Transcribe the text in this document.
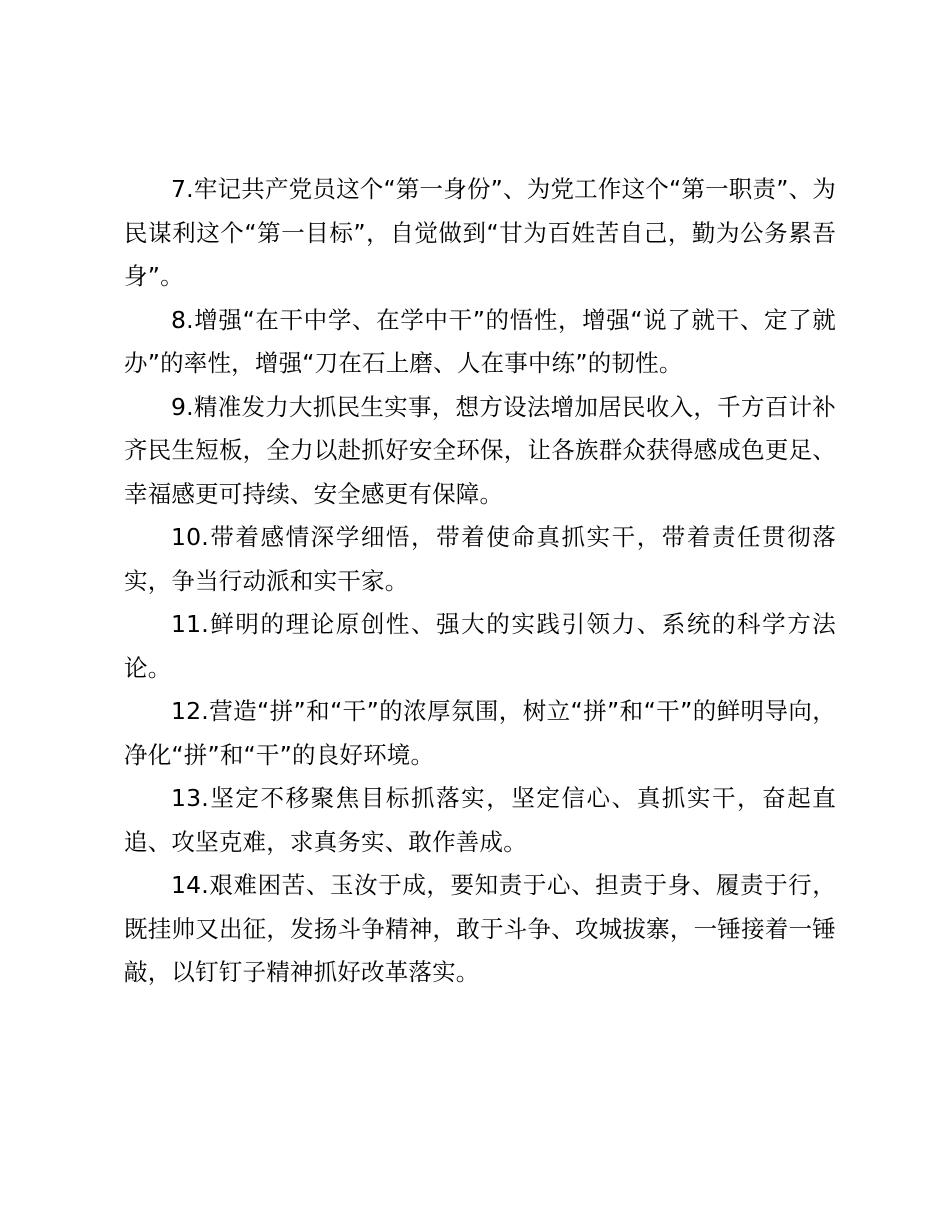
7.牢记共产党员这个“第一身份”、为党工作这个“第一职责”、为民谋利这个“第一目标”，自觉做到“甘为百姓苦自己，勤为公务累吾身”。

8.增强“在干中学、在学中干”的悟性，增强“说了就干、定了就办”的率性，增强“刀在石上磨、人在事中练”的韧性。

9.精准发力大抓民生实事，想方设法增加居民收入，千方百计补齐民生短板，全力以赴抓好安全环保，让各族群众获得感成色更足、幸福感更可持续、安全感更有保障。

10.带着感情深学细悟，带着使命真抓实干，带着责任贯彻落实，争当行动派和实干家。

11.鲜明的理论原创性、强大的实践引领力、系统的科学方法论。

12.营造“拼”和“干”的浓厚氛围，树立“拼”和“干”的鲜明导向，净化“拼”和“干”的良好环境。

13.坚定不移聚焦目标抓落实，坚定信心、真抓实干，奋起直追、攻坚克难，求真务实、敢作善成。

14.艰难困苦、玉汝于成，要知责于心、担责于身、履责于行，既挂帅又出征，发扬斗争精神，敢于斗争、攻城拔寨，一锤接着一锤敲，以钉钉子精神抓好改革落实。
